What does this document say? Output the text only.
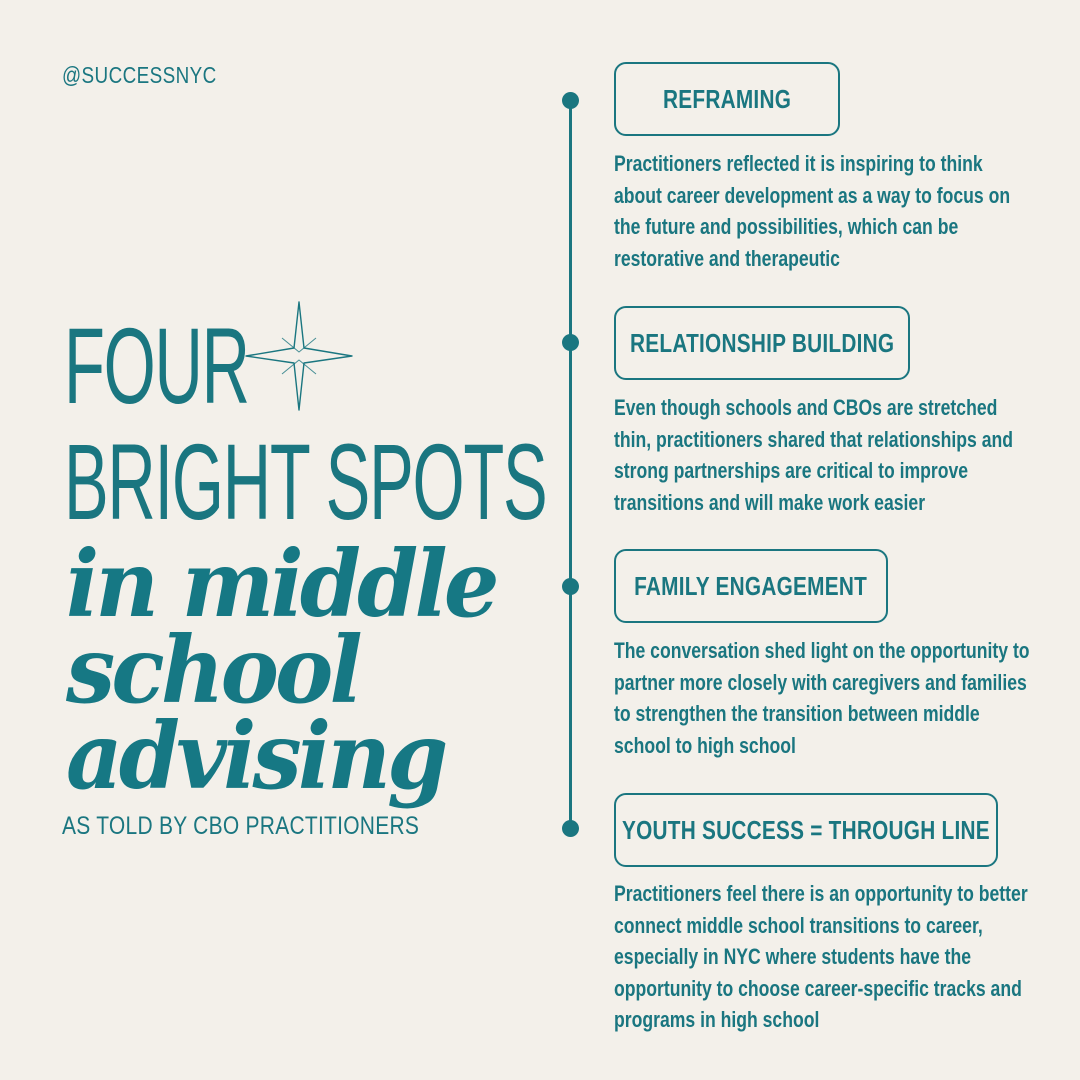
@SUCCESSNYC
FOUR
BRIGHT SPOTS
in middle
school
advising
AS TOLD BY CBO PRACTITIONERS
REFRAMING
Practitioners reflected it is inspiring to think about career development as a way to focus on the future and possibilities, which can be restorative and therapeutic
RELATIONSHIP BUILDING
Even though schools and CBOs are stretched thin, practitioners shared that relationships and strong partnerships are critical to improve transitions and will make work easier
FAMILY ENGAGEMENT
The conversation shed light on the opportunity to partner more closely with caregivers and families to strengthen the transition between middle school to high school
YOUTH SUCCESS = THROUGH LINE
Practitioners feel there is an opportunity to better connect middle school transitions to career, especially in NYC where students have the opportunity to choose career-specific tracks and programs in high school
